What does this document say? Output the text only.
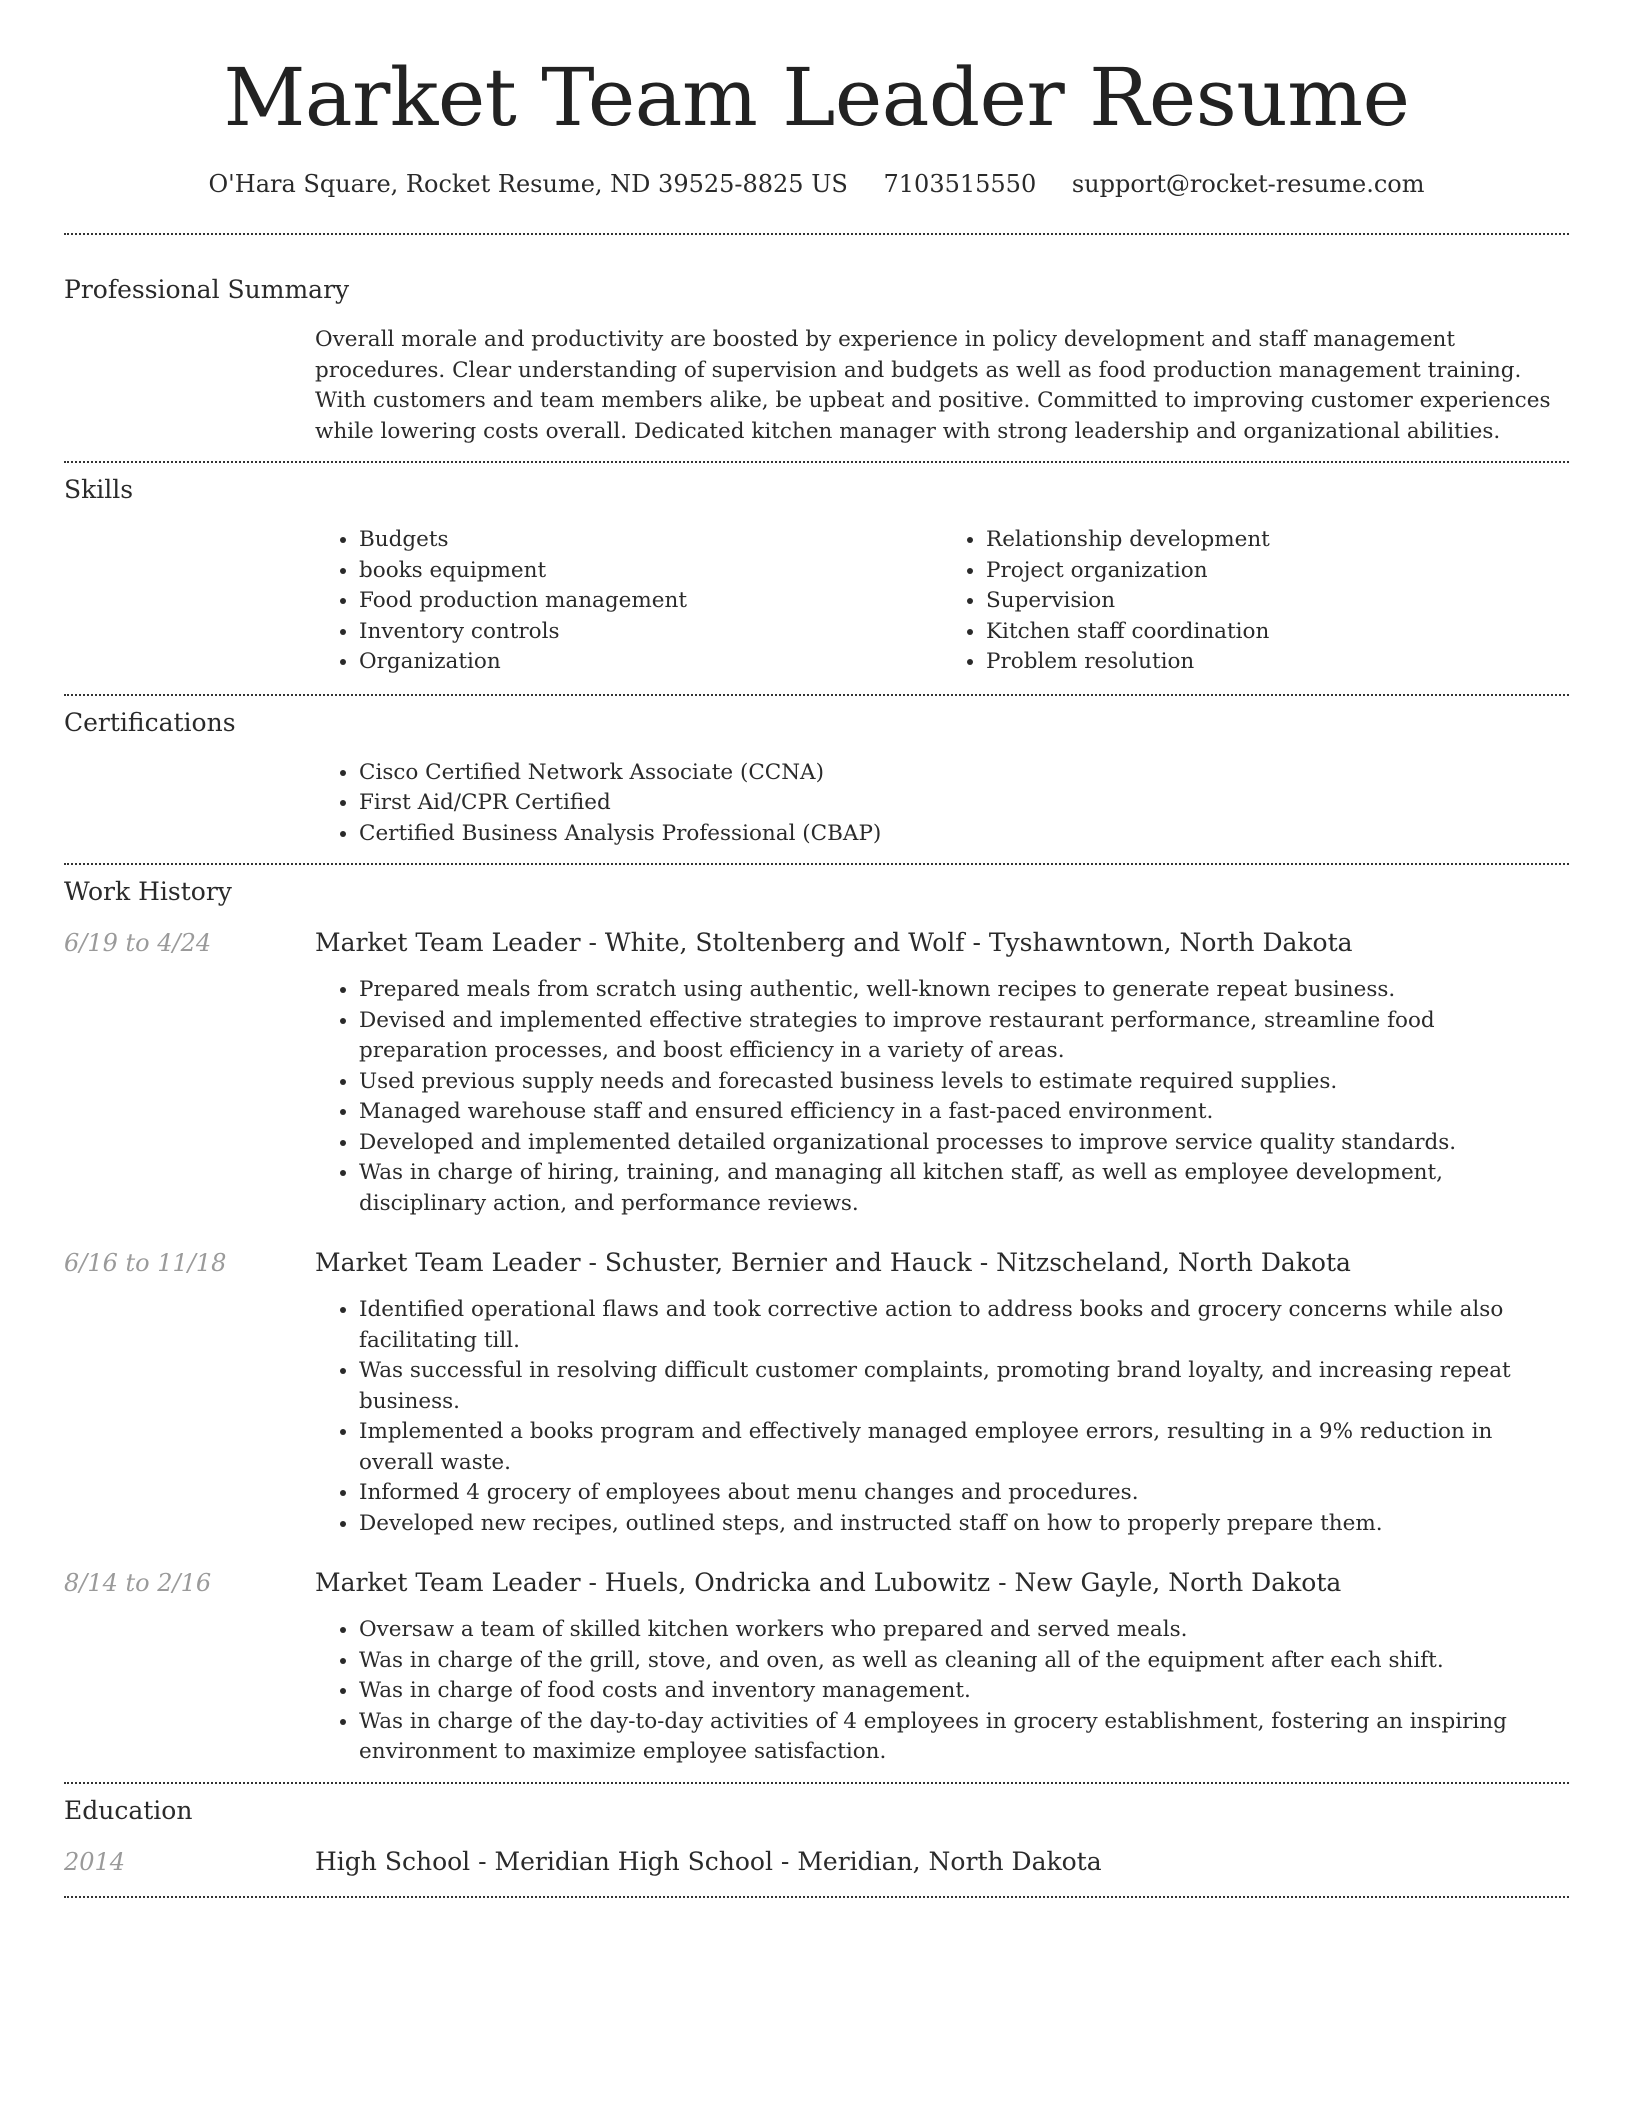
Market Team Leader Resume
O'Hara Square, Rocket Resume, ND 39525-8825 US 7103515550 support@rocket-resume.com
Professional Summary
Overall morale and productivity are boosted by experience in policy development and staff management procedures. Clear understanding of supervision and budgets as well as food production management training. With customers and team members alike, be upbeat and positive. Committed to improving customer experiences while lowering costs overall. Dedicated kitchen manager with strong leadership and organizational abilities.
Skills
• Budgets
• books equipment
• Food production management
• Inventory controls
• Organization
• Relationship development
• Project organization
• Supervision
• Kitchen staff coordination
• Problem resolution
Certifications
• Cisco Certified Network Associate (CCNA)
• First Aid/CPR Certified
• Certified Business Analysis Professional (CBAP)
Work History
6/19 to 4/24	Market Team Leader - White, Stoltenberg and Wolf - Tyshawntown, North Dakota
• Prepared meals from scratch using authentic, well-known recipes to generate repeat business.
• Devised and implemented effective strategies to improve restaurant performance, streamline food preparation processes, and boost efficiency in a variety of areas.
• Used previous supply needs and forecasted business levels to estimate required supplies.
• Managed warehouse staff and ensured efficiency in a fast-paced environment.
• Developed and implemented detailed organizational processes to improve service quality standards.
• Was in charge of hiring, training, and managing all kitchen staff, as well as employee development, disciplinary action, and performance reviews.
6/16 to 11/18	Market Team Leader - Schuster, Bernier and Hauck - Nitzscheland, North Dakota
• Identified operational flaws and took corrective action to address books and grocery concerns while also facilitating till.
• Was successful in resolving difficult customer complaints, promoting brand loyalty, and increasing repeat business.
• Implemented a books program and effectively managed employee errors, resulting in a 9% reduction in overall waste.
• Informed 4 grocery of employees about menu changes and procedures.
• Developed new recipes, outlined steps, and instructed staff on how to properly prepare them.
8/14 to 2/16	Market Team Leader - Huels, Ondricka and Lubowitz - New Gayle, North Dakota
• Oversaw a team of skilled kitchen workers who prepared and served meals.
• Was in charge of the grill, stove, and oven, as well as cleaning all of the equipment after each shift.
• Was in charge of food costs and inventory management.
• Was in charge of the day-to-day activities of 4 employees in grocery establishment, fostering an inspiring environment to maximize employee satisfaction.
Education
2014	High School - Meridian High School - Meridian, North Dakota
